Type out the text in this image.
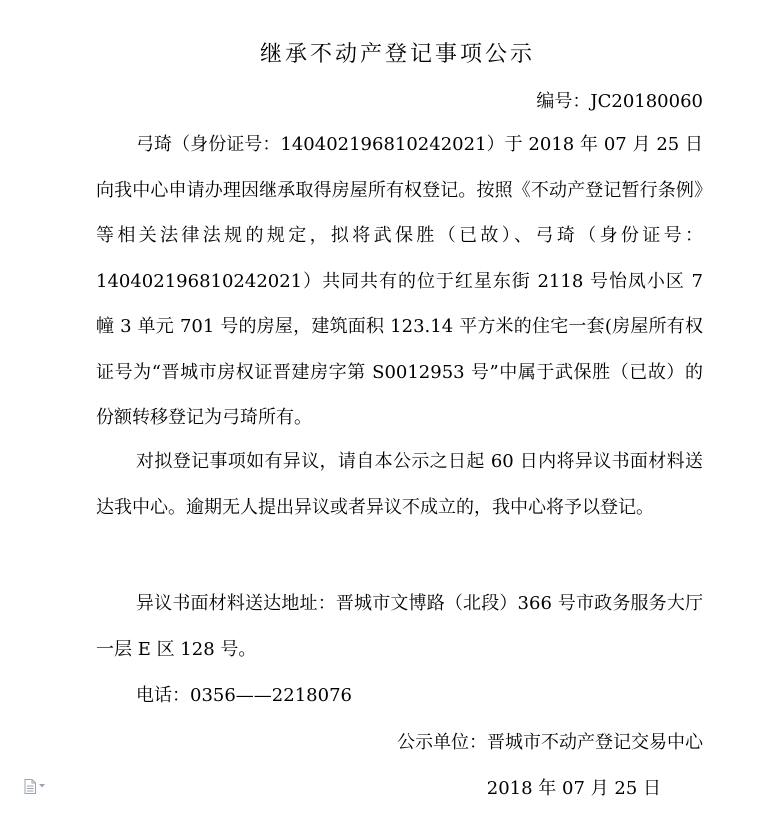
继承不动产登记事项公示
编号：JC20180060

弓琦（身份证号：140402196810242021）于 2018 年 07 月 25 日向我中心申请办理因继承取得房屋所有权登记。按照《不动产登记暂行条例》等相关法律法规的规定，拟将武保胜（已故）、弓琦（身份证号：140402196810242021）共同共有的位于红星东街 2118 号怡凤小区 7 幢 3 单元 701 号的房屋，建筑面积 123.14 平方米的住宅一套(房屋所有权证号为“晋城市房权证晋建房字第 S0012953 号”中属于武保胜（已故）的份额转移登记为弓琦所有。

对拟登记事项如有异议，请自本公示之日起 60 日内将异议书面材料送达我中心。逾期无人提出异议或者异议不成立的，我中心将予以登记。

异议书面材料送达地址：晋城市文博路（北段）366 号市政务服务大厅一层 E 区 128 号。

电话：0356——2218076

公示单位：晋城市不动产登记交易中心
2018 年 07 月 25 日
